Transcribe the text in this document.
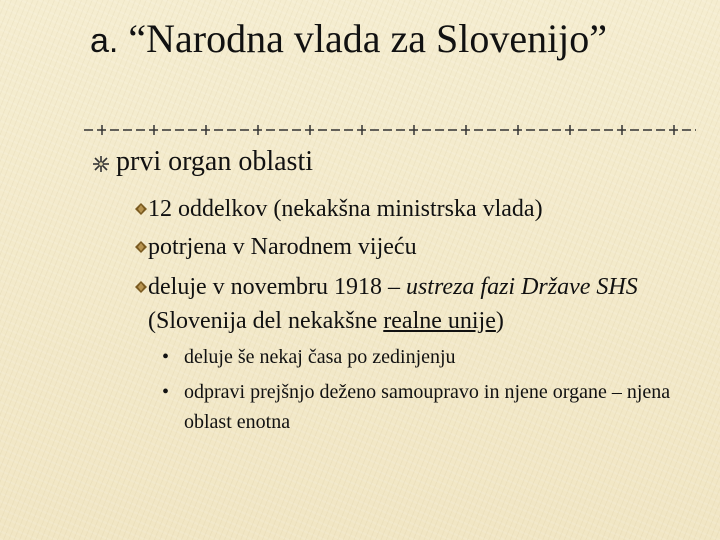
a. “Narodna vlada za Slovenijo”
prvi organ oblasti
12 oddelkov (nekakšna ministrska vlada)
potrjena v Narodnem vijeću
deluje v novembru 1918 – ustreza fazi Države SHS (Slovenija del nekakšne realne unije)
• deluje še nekaj časa po zedinjenju
• odpravi prejšnjo deženo samoupravo in njene organe – njena oblast enotna
